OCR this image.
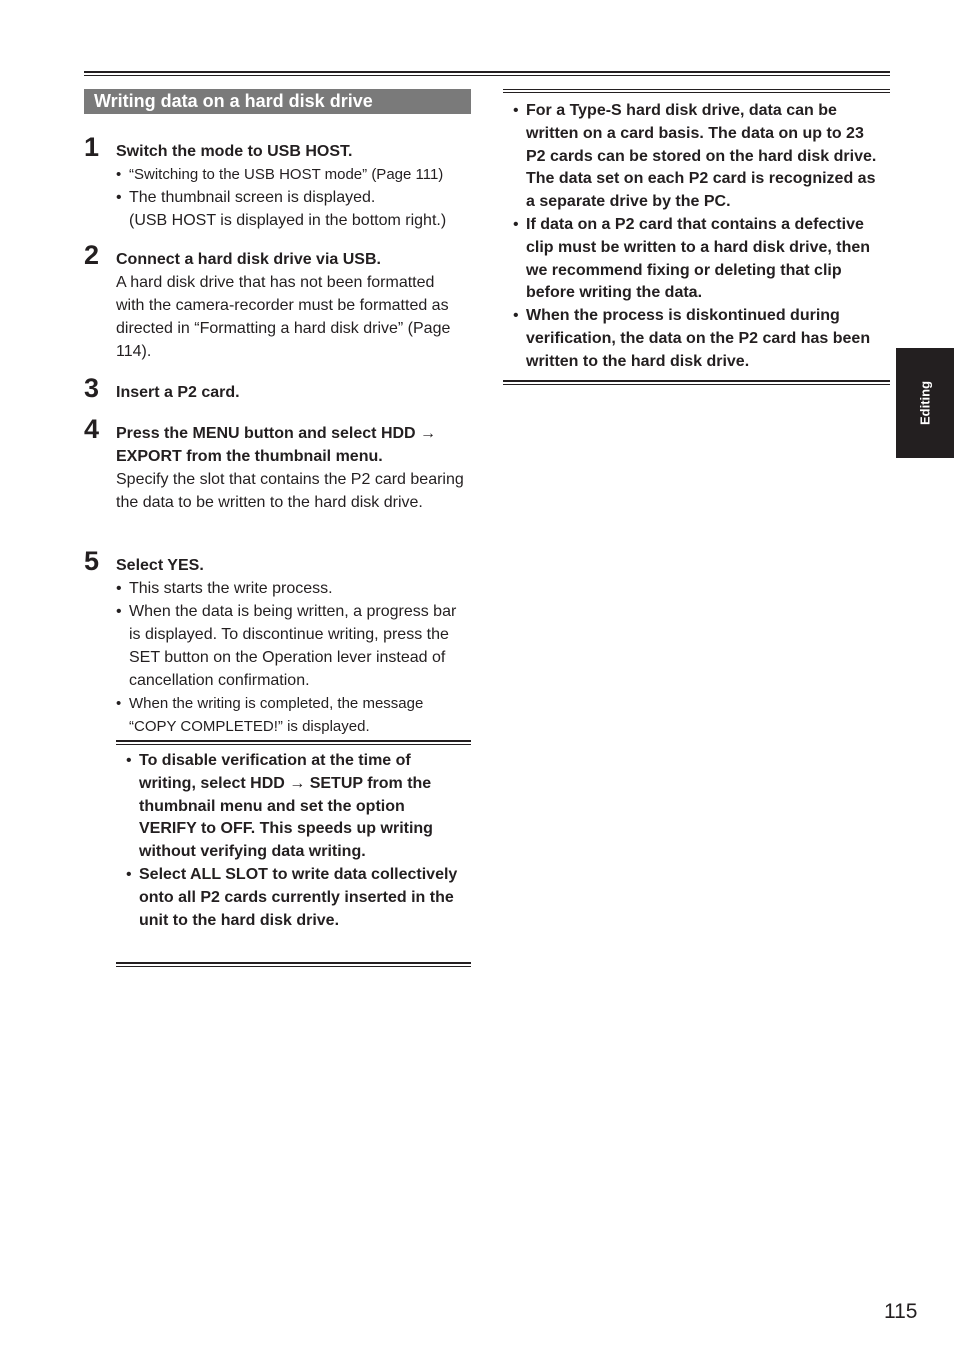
Writing data on a hard disk drive
1 Switch the mode to USB HOST.
• “Switching to the USB HOST mode” (Page 111)
• The thumbnail screen is displayed.
(USB HOST is displayed in the bottom right.)
2 Connect a hard disk drive via USB.
A hard disk drive that has not been formatted with the camera-recorder must be formatted as directed in “Formatting a hard disk drive” (Page 114).
3 Insert a P2 card.
4 Press the MENU button and select HDD → EXPORT from the thumbnail menu.
Specify the slot that contains the P2 card bearing the data to be written to the hard disk drive.
5 Select YES.
• This starts the write process.
• When the data is being written, a progress bar is displayed. To discontinue writing, press the SET button on the Operation lever instead of cancellation confirmation.
• When the writing is completed, the message “COPY COMPLETED!” is displayed.
• To disable verification at the time of writing, select HDD → SETUP from the thumbnail menu and set the option VERIFY to OFF. This speeds up writing without verifying data writing.
• Select ALL SLOT to write data collectively onto all P2 cards currently inserted in the unit to the hard disk drive.
• For a Type-S hard disk drive, data can be written on a card basis. The data on up to 23 P2 cards can be stored on the hard disk drive. The data set on each P2 card is recognized as a separate drive by the PC.
• If data on a P2 card that contains a defective clip must be written to a hard disk drive, then we recommend fixing or deleting that clip before writing the data.
• When the process is diskontinued during verification, the data on the P2 card has been written to the hard disk drive.
Editing
115
